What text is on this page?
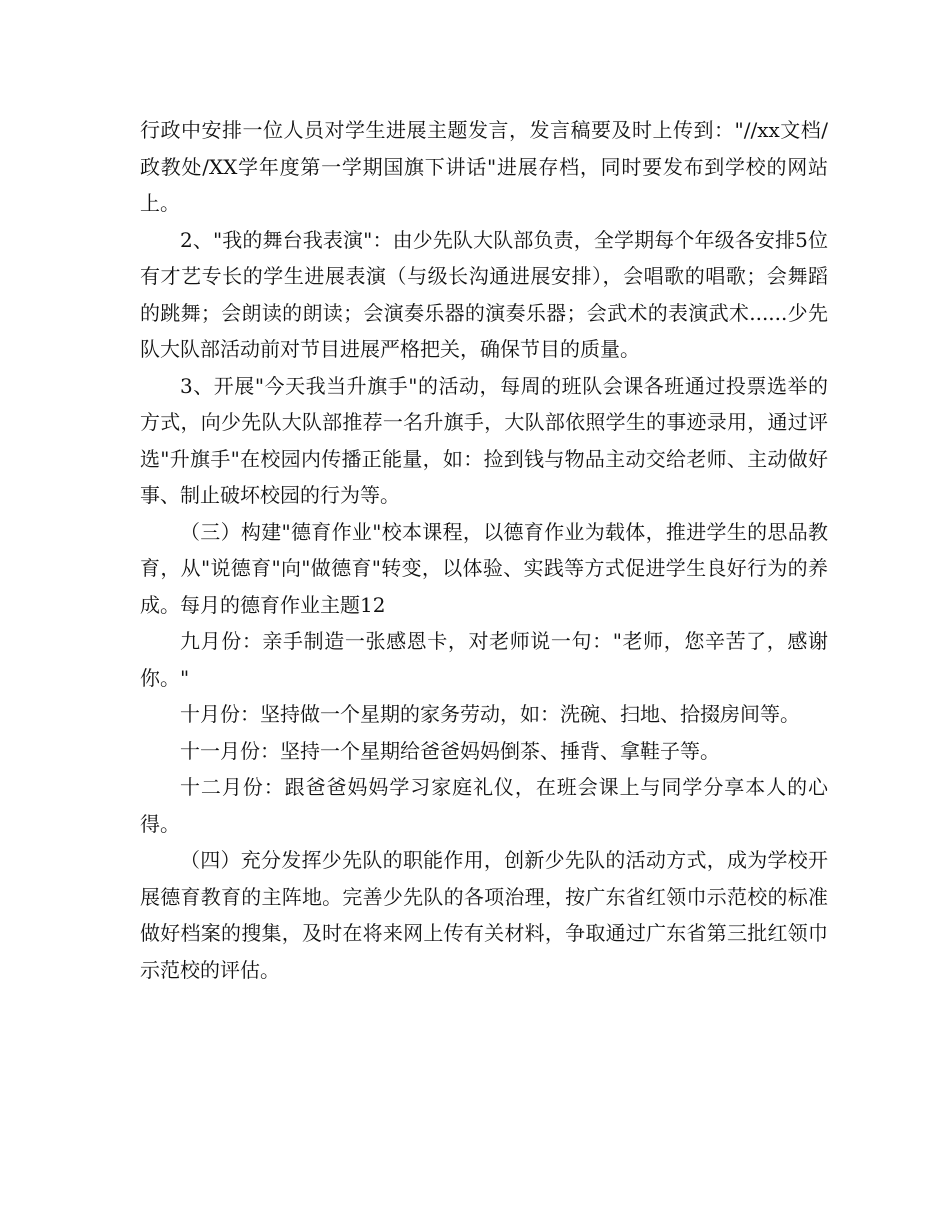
行政中安排一位人员对学生进展主题发言，发言稿要及时上传到："//xx文档/政教处/XX学年度第一学期国旗下讲话"进展存档，同时要发布到学校的网站上。

2、"我的舞台我表演"：由少先队大队部负责，全学期每个年级各安排5位有才艺专长的学生进展表演（与级长沟通进展安排），会唱歌的唱歌；会舞蹈的跳舞；会朗读的朗读；会演奏乐器的演奏乐器；会武术的表演武术......少先队大队部活动前对节目进展严格把关，确保节目的质量。

3、开展"今天我当升旗手"的活动，每周的班队会课各班通过投票选举的方式，向少先队大队部推荐一名升旗手，大队部依照学生的事迹录用，通过评选"升旗手"在校园内传播正能量，如：捡到钱与物品主动交给老师、主动做好事、制止破坏校园的行为等。

（三）构建"德育作业"校本课程，以德育作业为载体，推进学生的思品教育，从"说德育"向"做德育"转变，以体验、实践等方式促进学生良好行为的养成。每月的德育作业主题12

九月份：亲手制造一张感恩卡，对老师说一句："老师，您辛苦了，感谢你。"

十月份：坚持做一个星期的家务劳动，如：洗碗、扫地、拾掇房间等。

十一月份：坚持一个星期给爸爸妈妈倒茶、捶背、拿鞋子等。

十二月份：跟爸爸妈妈学习家庭礼仪，在班会课上与同学分享本人的心得。

（四）充分发挥少先队的职能作用，创新少先队的活动方式，成为学校开展德育教育的主阵地。完善少先队的各项治理，按广东省红领巾示范校的标准做好档案的搜集，及时在将来网上传有关材料，争取通过广东省第三批红领巾示范校的评估。
